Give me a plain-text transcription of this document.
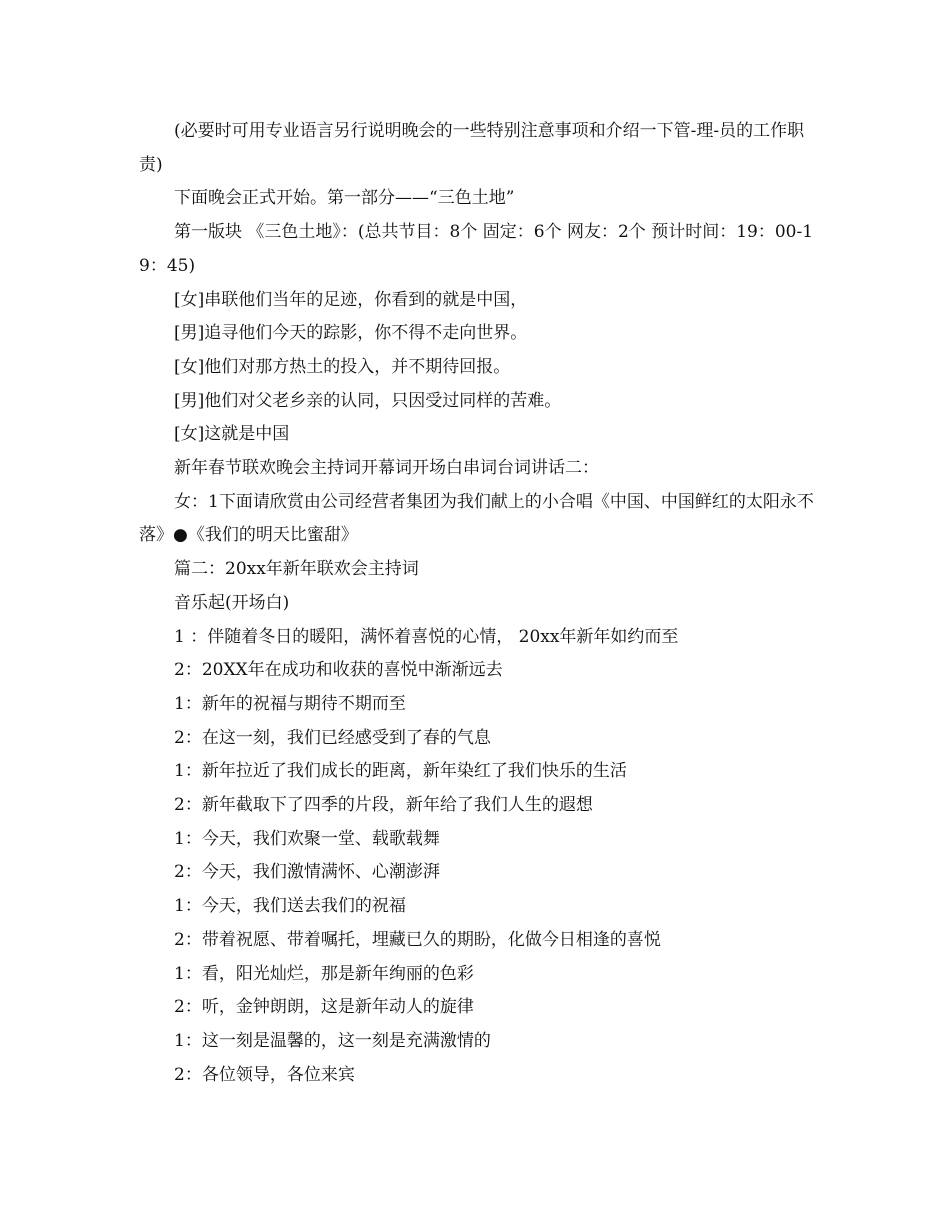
(必要时可用专业语言另行说明晚会的一些特别注意事项和介绍一下管-理-员的工作职责)

下面晚会正式开始。第一部分——“三色土地”

第一版块 《三色土地》：(总共节目：8个 固定：6个 网友：2个 预计时间：19：00-19：45)

[女]串联他们当年的足迹，你看到的就是中国，

[男]追寻他们今天的踪影，你不得不走向世界。

[女]他们对那方热土的投入，并不期待回报。

[男]他们对父老乡亲的认同，只因受过同样的苦难。

[女]这就是中国

新年春节联欢晚会主持词开幕词开场白串词台词讲话二：

女：1下面请欣赏由公司经营者集团为我们献上的小合唱《中国、中国鲜红的太阳永不落》●《我们的明天比蜜甜》

篇二：20xx年新年联欢会主持词

音乐起(开场白)

1 ：伴随着冬日的暖阳，满怀着喜悦的心情， 20xx年新年如约而至

2：20XX年在成功和收获的喜悦中渐渐远去

1：新年的祝福与期待不期而至

2：在这一刻，我们已经感受到了春的气息

1：新年拉近了我们成长的距离，新年染红了我们快乐的生活

2：新年截取下了四季的片段，新年给了我们人生的遐想

1：今天，我们欢聚一堂、载歌载舞

2：今天，我们激情满怀、心潮澎湃

1：今天，我们送去我们的祝福

2：带着祝愿、带着嘱托，埋藏已久的期盼，化做今日相逢的喜悦

1：看，阳光灿烂，那是新年绚丽的色彩

2：听，金钟朗朗，这是新年动人的旋律

1：这一刻是温馨的，这一刻是充满激情的

2：各位领导，各位来宾
